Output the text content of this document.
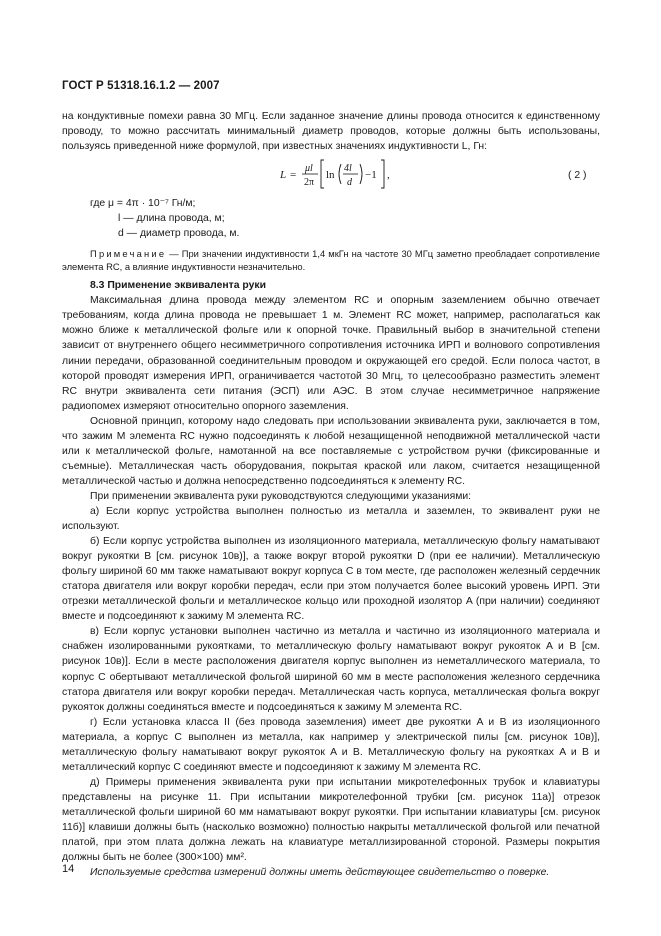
ГОСТ Р 51318.16.1.2 — 2007

на кондуктивные помехи равна 30 МГц. Если заданное значение длины провода относится к единственному проводу, то можно рассчитать минимальный диаметр проводов, которые должны быть использованы, пользуясь приведенной ниже формулой, при известных значениях индуктивности L, Гн:

L =
μl
2π
ln
4l
d
−1 ,	( 2 )

где μ = 4π · 10⁻⁷ Гн/м;

l — длина провода, м;

d — диаметр провода, м.

Примечание — При значении индуктивности 1,4 мкГн на частоте 30 МГц заметно преобладает сопротивление элемента RC, а влияние индуктивности незначительно.

8.3 Применение эквивалента руки

Максимальная длина провода между элементом RC и опорным заземлением обычно отвечает требованиям, когда длина провода не превышает 1 м. Элемент RC может, например, располагаться как можно ближе к металлической фольге или к опорной точке. Правильный выбор в значительной степени зависит от внутреннего общего несимметричного сопротивления источника ИРП и волнового сопротивления линии передачи, образованной соединительным проводом и окружающей его средой. Если полоса частот, в которой проводят измерения ИРП, ограничивается частотой 30 Мгц, то целесообразно разместить элемент RC внутри эквивалента сети питания (ЭСП) или АЭС. В этом случае несимметричное напряжение радиопомех измеряют относительно опорного заземления.

Основной принцип, которому надо следовать при использовании эквивалента руки, заключается в том, что зажим М элемента RC нужно подсоединять к любой незащищенной неподвижной металлической части или к металлической фольге, намотанной на все поставляемые с устройством ручки (фиксированные и съемные). Металлическая часть оборудования, покрытая краской или лаком, считается незащищенной металлической частью и должна непосредственно подсоединяться к элементу RC.

При применении эквивалента руки руководствуются следующими указаниями:

а) Если корпус устройства выполнен полностью из металла и заземлен, то эквивалент руки не используют.

б) Если корпус устройства выполнен из изоляционного материала, металлическую фольгу наматывают вокруг рукоятки B [см. рисунок 10в)], а также вокруг второй рукоятки D (при ее наличии). Металлическую фольгу шириной 60 мм также наматывают вокруг корпуса C в том месте, где расположен железный сердечник статора двигателя или вокруг коробки передач, если при этом получается более высокий уровень ИРП. Эти отрезки металлической фольги и металлическое кольцо или проходной изолятор A (при наличии) соединяют вместе и подсоединяют к зажиму M элемента RC.

в) Если корпус установки выполнен частично из металла и частично из изоляционного материала и снабжен изолированными рукоятками, то металлическую фольгу наматывают вокруг рукояток A и B [см. рисунок 10в)]. Если в месте расположения двигателя корпус выполнен из неметаллического материала, то корпус C обертывают металлической фольгой шириной 60 мм в месте расположения железного сердечника статора двигателя или вокруг коробки передач. Металлическая часть корпуса, металлическая фольга вокруг рукояток должны соединяться вместе и подсоединяться к зажиму M элемента RC.

г) Если установка класса II (без провода заземления) имеет две рукоятки A и B из изоляционного материала, а корпус C выполнен из металла, как например у электрической пилы [см. рисунок 10в)], металлическую фольгу наматывают вокруг рукояток A и B. Металлическую фольгу на рукоятках A и B и металлический корпус C соединяют вместе и подсоединяют к зажиму M элемента RC.

д) Примеры применения эквивалента руки при испытании микротелефонных трубок и клавиатуры представлены на рисунке 11. При испытании микротелефонной трубки [см. рисунок 11а)] отрезок металлической фольги шириной 60 мм наматывают вокруг рукоятки. При испытании клавиатуры [см. рисунок 11б)] клавиши должны быть (насколько возможно) полностью накрыты металлической фольгой или печатной платой, при этом плата должна лежать на клавиатуре металлизированной стороной. Размеры покрытия должны быть не более (300×100) мм².

Используемые средства измерений должны иметь действующее свидетельство о поверке.

14
